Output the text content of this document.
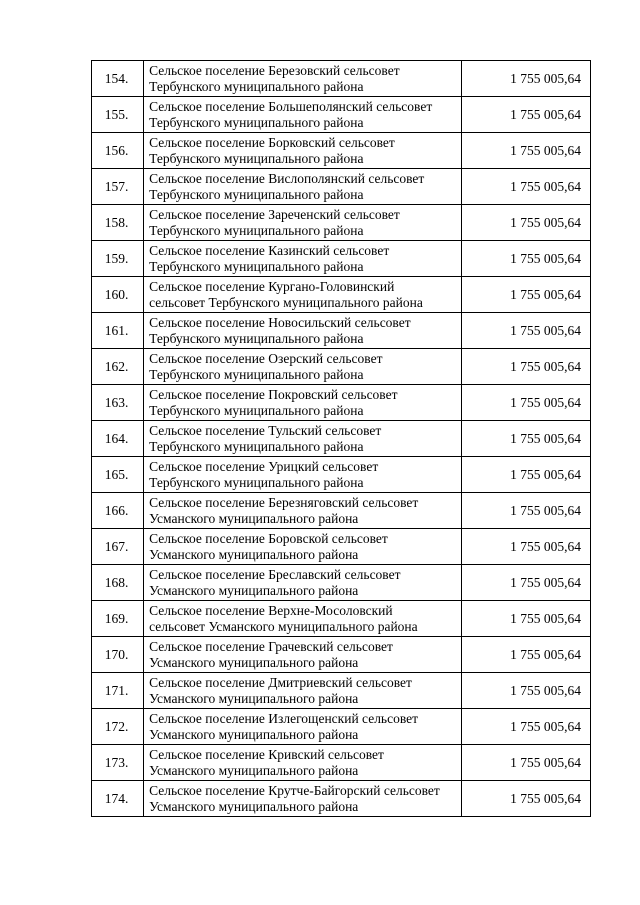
154.	Сельское поселение Березовский сельсовет
Тербунского муниципального района	1 755 005,64
155.	Сельское поселение Большеполянский сельсовет
Тербунского муниципального района	1 755 005,64
156.	Сельское поселение Борковский сельсовет
Тербунского муниципального района	1 755 005,64
157.	Сельское поселение Вислополянский сельсовет
Тербунского муниципального района	1 755 005,64
158.	Сельское поселение Зареченский сельсовет
Тербунского муниципального района	1 755 005,64
159.	Сельское поселение Казинский сельсовет
Тербунского муниципального района	1 755 005,64
160.	Сельское поселение Кургано-Головинский
сельсовет Тербунского муниципального района	1 755 005,64
161.	Сельское поселение Новосильский сельсовет
Тербунского муниципального района	1 755 005,64
162.	Сельское поселение Озерский сельсовет
Тербунского муниципального района	1 755 005,64
163.	Сельское поселение Покровский сельсовет
Тербунского муниципального района	1 755 005,64
164.	Сельское поселение Тульский сельсовет
Тербунского муниципального района	1 755 005,64
165.	Сельское поселение Урицкий сельсовет
Тербунского муниципального района	1 755 005,64
166.	Сельское поселение Березняговский сельсовет
Усманского муниципального района	1 755 005,64
167.	Сельское поселение Боровской сельсовет
Усманского муниципального района	1 755 005,64
168.	Сельское поселение Бреславский сельсовет
Усманского муниципального района	1 755 005,64
169.	Сельское поселение Верхне-Мосоловский
сельсовет Усманского муниципального района	1 755 005,64
170.	Сельское поселение Грачевский сельсовет
Усманского муниципального района	1 755 005,64
171.	Сельское поселение Дмитриевский сельсовет
Усманского муниципального района	1 755 005,64
172.	Сельское поселение Излегощенский сельсовет
Усманского муниципального района	1 755 005,64
173.	Сельское поселение Кривский сельсовет
Усманского муниципального района	1 755 005,64
174.	Сельское поселение Крутче-Байгорский сельсовет
Усманского муниципального района	1 755 005,64
